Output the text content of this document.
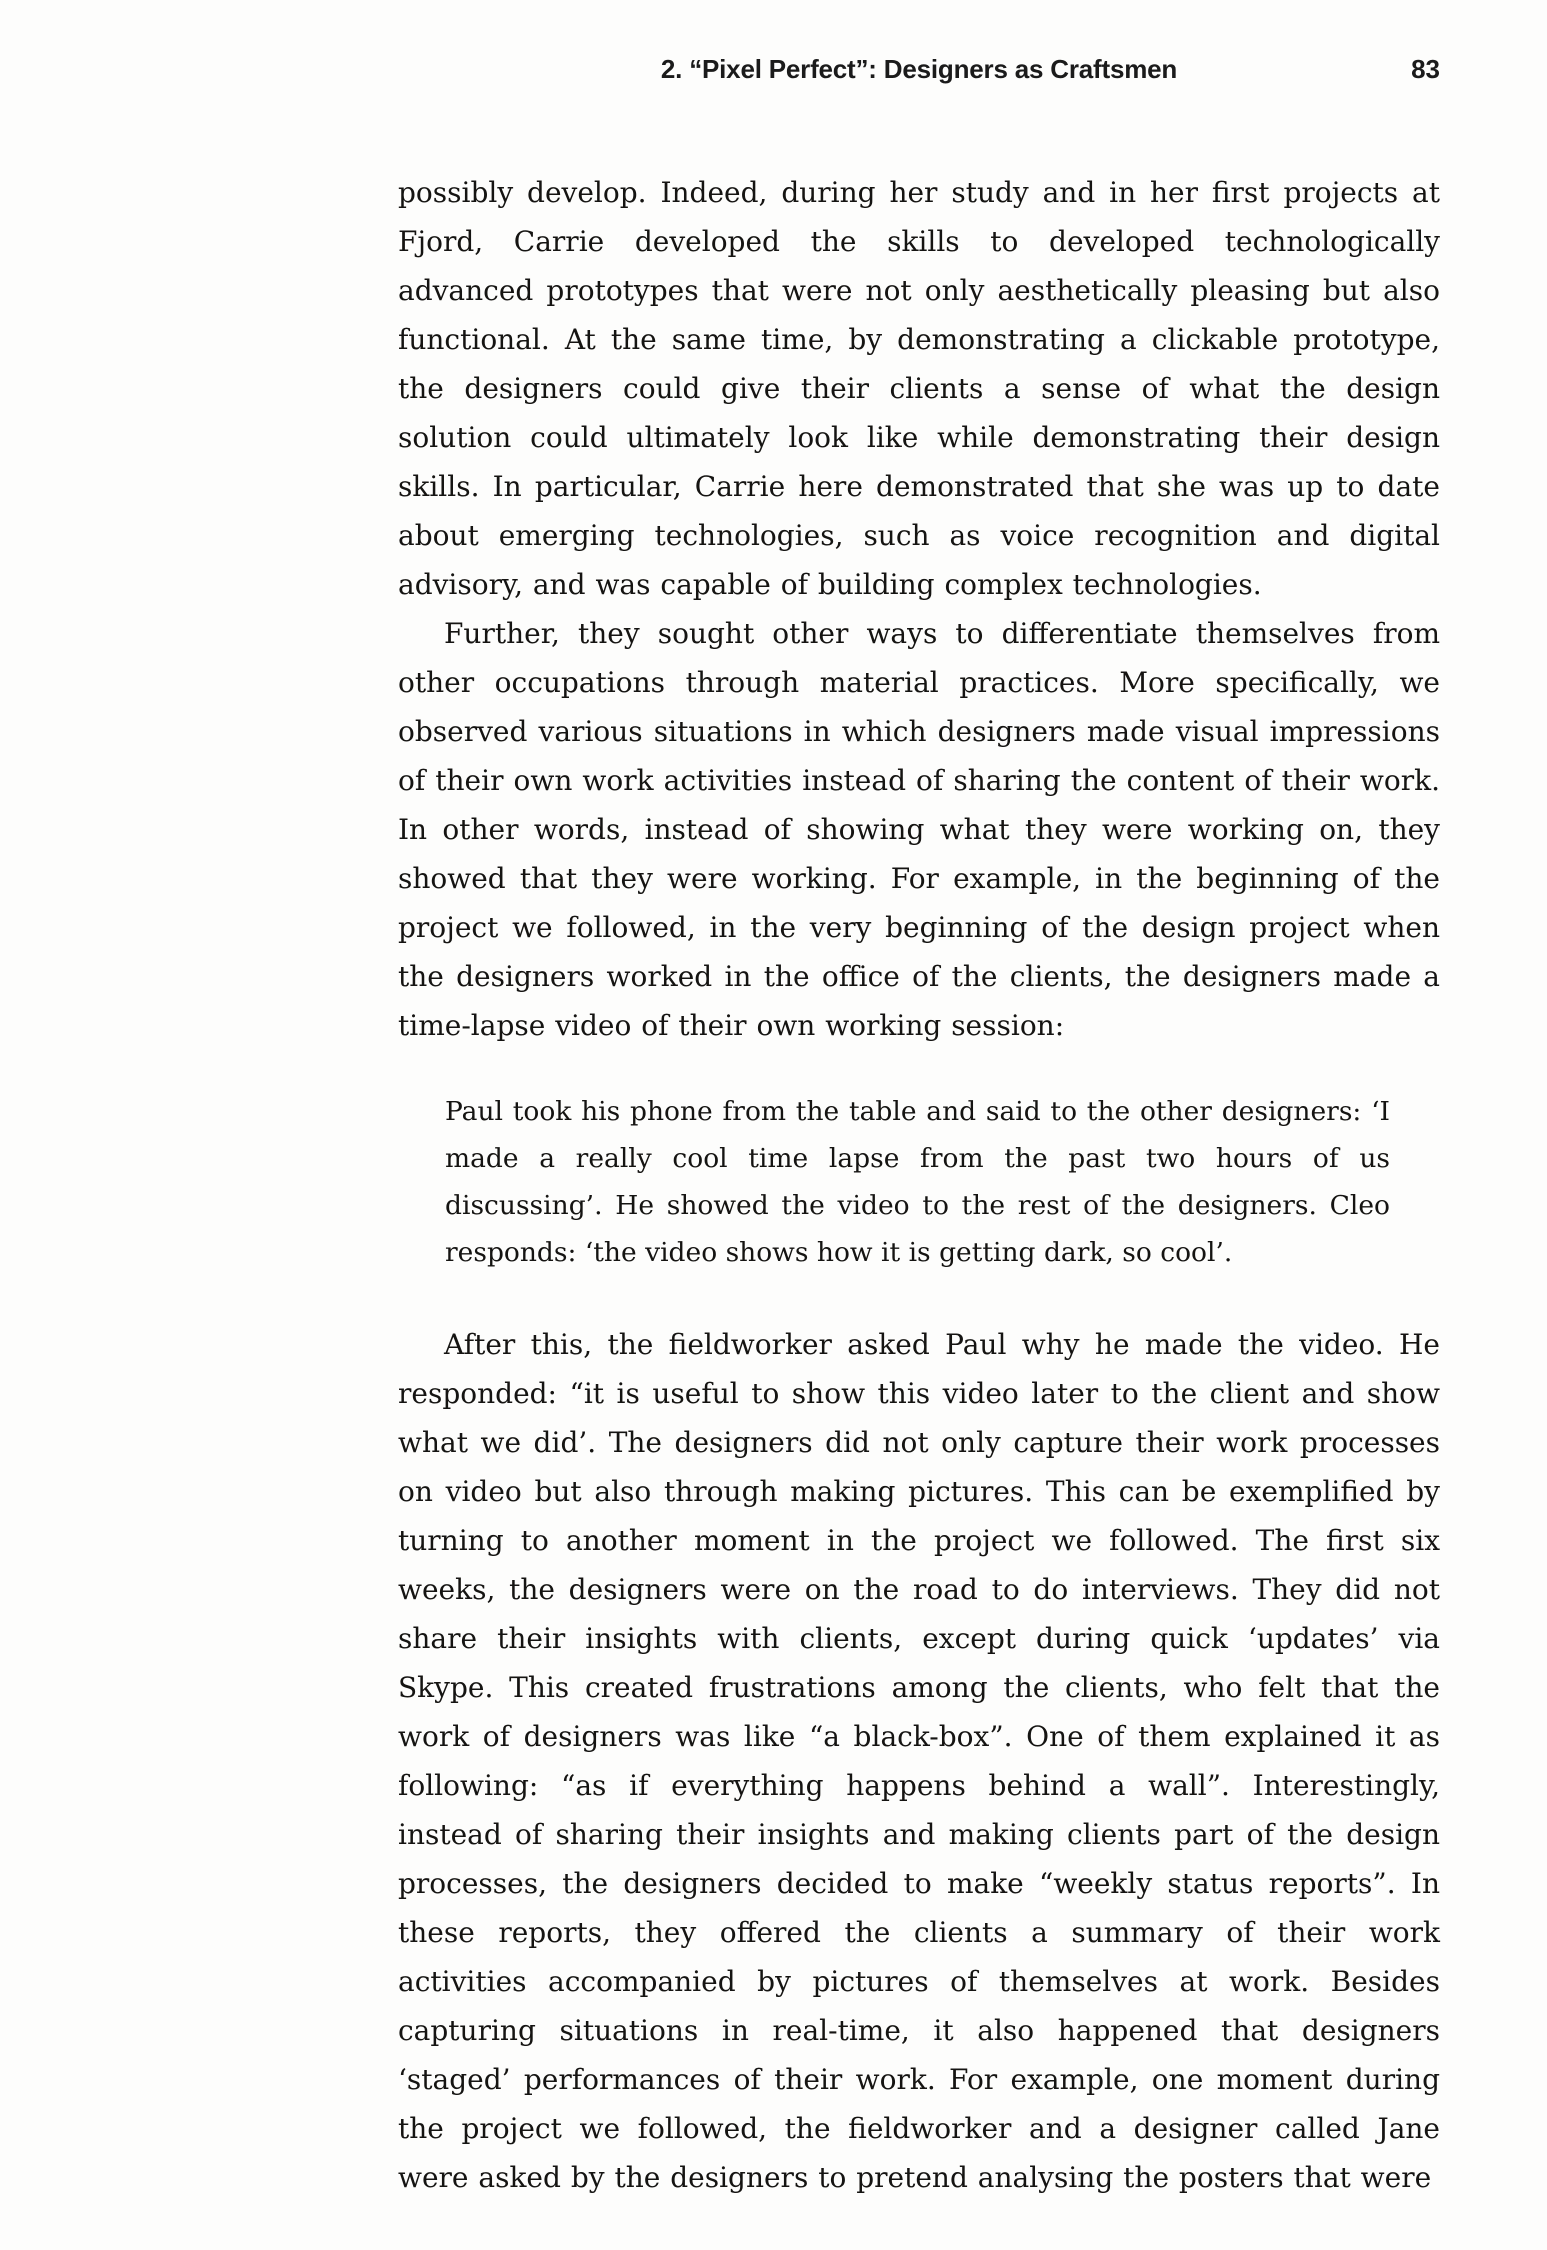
2. “Pixel Perfect”: Designers as Craftsmen	83

possibly develop. Indeed, during her study and in her first projects at Fjord, Carrie developed the skills to developed technologically advanced prototypes that were not only aesthetically pleasing but also functional. At the same time, by demonstrating a clickable prototype, the designers could give their clients a sense of what the design solution could ultimately look like while demonstrating their design skills. In particular, Carrie here demonstrated that she was up to date about emerging technologies, such as voice recognition and digital advisory, and was capable of building complex technologies.

Further, they sought other ways to differentiate themselves from other occupations through material practices. More specifically, we observed various situations in which designers made visual impressions of their own work activities instead of sharing the content of their work. In other words, instead of showing what they were working on, they showed that they were working. For example, in the beginning of the project we followed, in the very beginning of the design project when the designers worked in the office of the clients, the designers made a time-lapse video of their own working session:

Paul took his phone from the table and said to the other designers: ‘I made a really cool time lapse from the past two hours of us discussing’. He showed the video to the rest of the designers. Cleo responds: ‘the video shows how it is getting dark, so cool’.

After this, the fieldworker asked Paul why he made the video. He responded: “it is useful to show this video later to the client and show what we did’. The designers did not only capture their work processes on video but also through making pictures. This can be exemplified by turning to another moment in the project we followed. The first six weeks, the designers were on the road to do interviews. They did not share their insights with clients, except during quick ‘updates’ via Skype. This created frustrations among the clients, who felt that the work of designers was like “a black-box”. One of them explained it as following: “as if everything happens behind a wall”. Interestingly, instead of sharing their insights and making clients part of the design processes, the designers decided to make “weekly status reports”. In these reports, they offered the clients a summary of their work activities accompanied by pictures of themselves at work. Besides capturing situations in real-time, it also happened that designers ‘staged’ performances of their work. For example, one moment during the project we followed, the fieldworker and a designer called Jane were asked by the designers to pretend analysing the posters that were
